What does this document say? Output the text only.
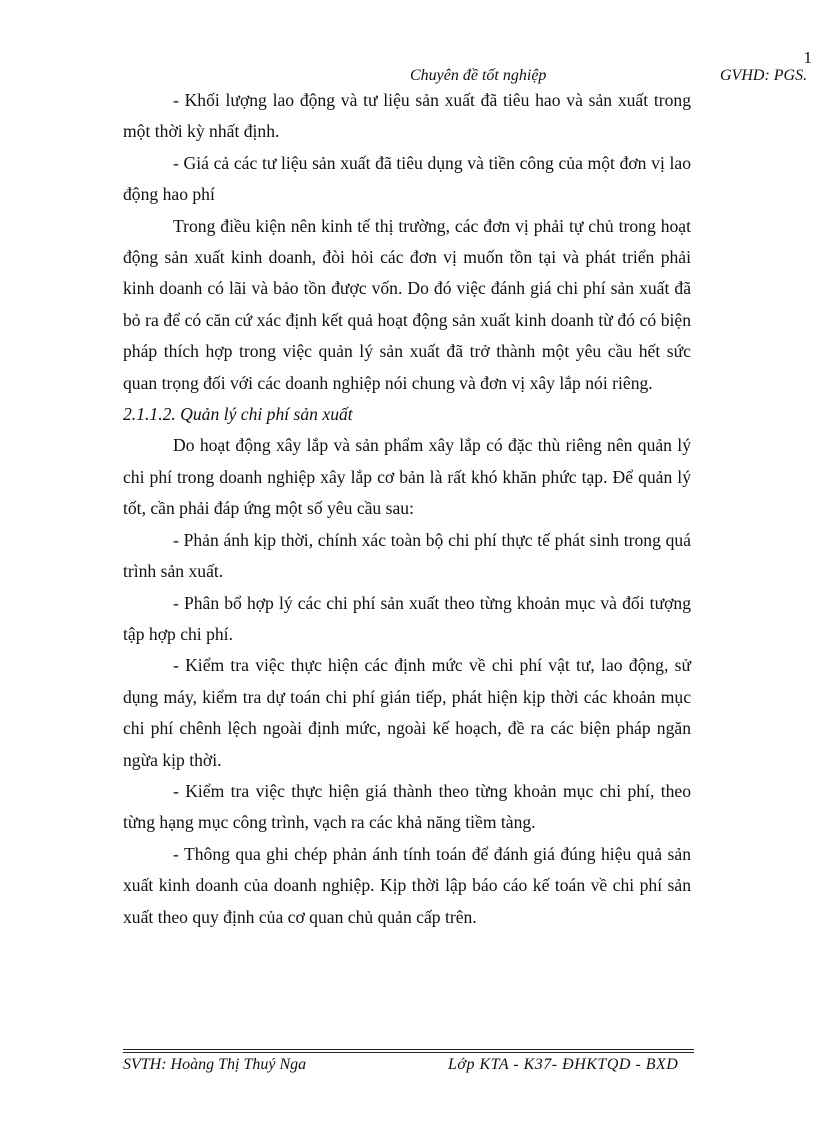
1
Chuyên đề tốt nghiệp	GVHD: PGS.

- Khối lượng lao động và tư liệu sản xuất đã tiêu hao và sản xuất trong một thời kỳ nhất định.

- Giá cả các tư liệu sản xuất đã tiêu dụng và tiền công của một đơn vị lao động hao phí

Trong điều kiện nên kinh tế thị trường, các đơn vị phải tự chủ trong hoạt động sản xuất kinh doanh, đòi hỏi các đơn vị muốn tồn tại và phát triển phải kinh doanh có lãi và bảo tồn được vốn. Do đó việc đánh giá chi phí sản xuất đã bỏ ra để có căn cứ xác định kết quả hoạt động sản xuất kinh doanh từ đó có biện pháp thích hợp trong việc quản lý sản xuất đã trở thành một yêu cầu hết sức quan trọng đối với các doanh nghiệp nói chung và đơn vị xây lắp nói riêng.

2.1.1.2. Quản lý chi phí sản xuất

Do hoạt động xây lắp và sản phẩm xây lắp có đặc thù riêng nên quản lý chi phí trong doanh nghiệp xây lắp cơ bản là rất khó khăn phức tạp. Để quản lý tốt, cần phải đáp ứng một số yêu cầu sau:

- Phản ánh kịp thời, chính xác toàn bộ chi phí thực tế phát sinh trong quá trình sản xuất.

- Phân bổ hợp lý các chi phí sản xuất theo từng khoản mục và đối tượng tập hợp chi phí.

- Kiểm tra việc thực hiện các định mức về chi phí vật tư, lao động, sử dụng máy, kiểm tra dự toán chi phí gián tiếp, phát hiện kịp thời các khoản mục chi phí chênh lệch ngoài định mức, ngoài kế hoạch, đề ra các biện pháp ngăn ngừa kịp thời.

- Kiểm tra việc thực hiện giá thành theo từng khoản mục chi phí, theo từng hạng mục công trình, vạch ra các khả năng tiềm tàng.

- Thông qua ghi chép phản ánh tính toán để đánh giá đúng hiệu quả sản xuất kinh doanh của doanh nghiệp. Kịp thời lập báo cáo kế toán về chi phí sản xuất theo quy định của cơ quan chủ quản cấp trên.

SVTH: Hoàng Thị Thuý Nga	Lớp KTA - K37- ĐHKTQD - BXD
